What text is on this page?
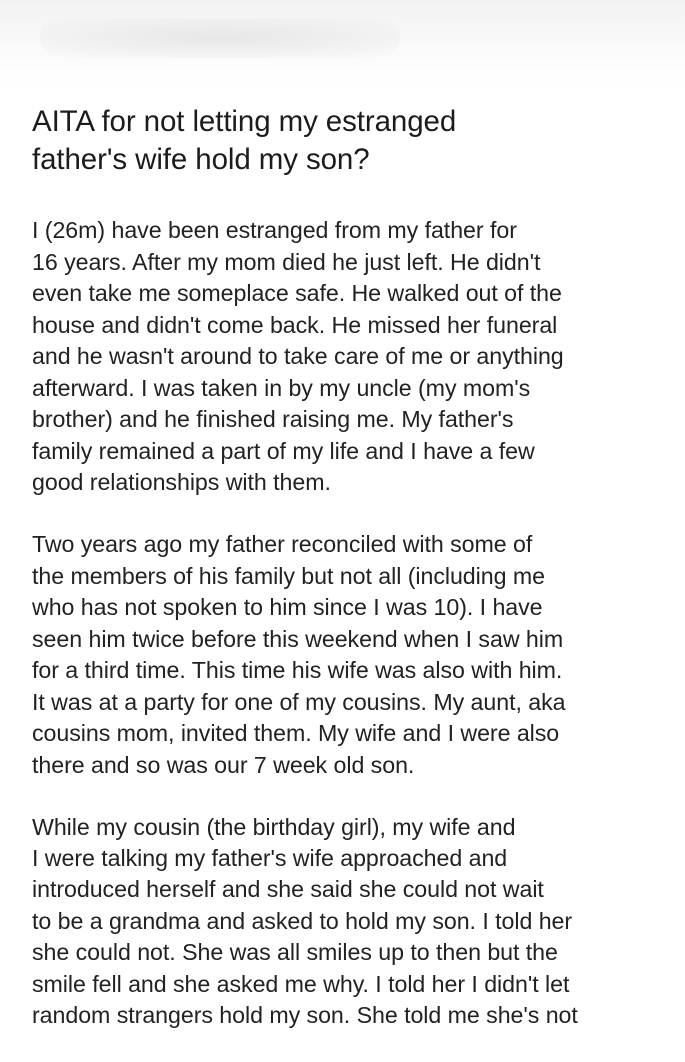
AITA for not letting my estranged
father's wife hold my son?

I (26m) have been estranged from my father for
16 years. After my mom died he just left. He didn't
even take me someplace safe. He walked out of the
house and didn't come back. He missed her funeral
and he wasn't around to take care of me or anything
afterward. I was taken in by my uncle (my mom's
brother) and he finished raising me. My father's
family remained a part of my life and I have a few
good relationships with them.

Two years ago my father reconciled with some of
the members of his family but not all (including me
who has not spoken to him since I was 10). I have
seen him twice before this weekend when I saw him
for a third time. This time his wife was also with him.
It was at a party for one of my cousins. My aunt, aka
cousins mom, invited them. My wife and I were also
there and so was our 7 week old son.

While my cousin (the birthday girl), my wife and
I were talking my father's wife approached and
introduced herself and she said she could not wait
to be a grandma and asked to hold my son. I told her
she could not. She was all smiles up to then but the
smile fell and she asked me why. I told her I didn't let
random strangers hold my son. She told me she's not
